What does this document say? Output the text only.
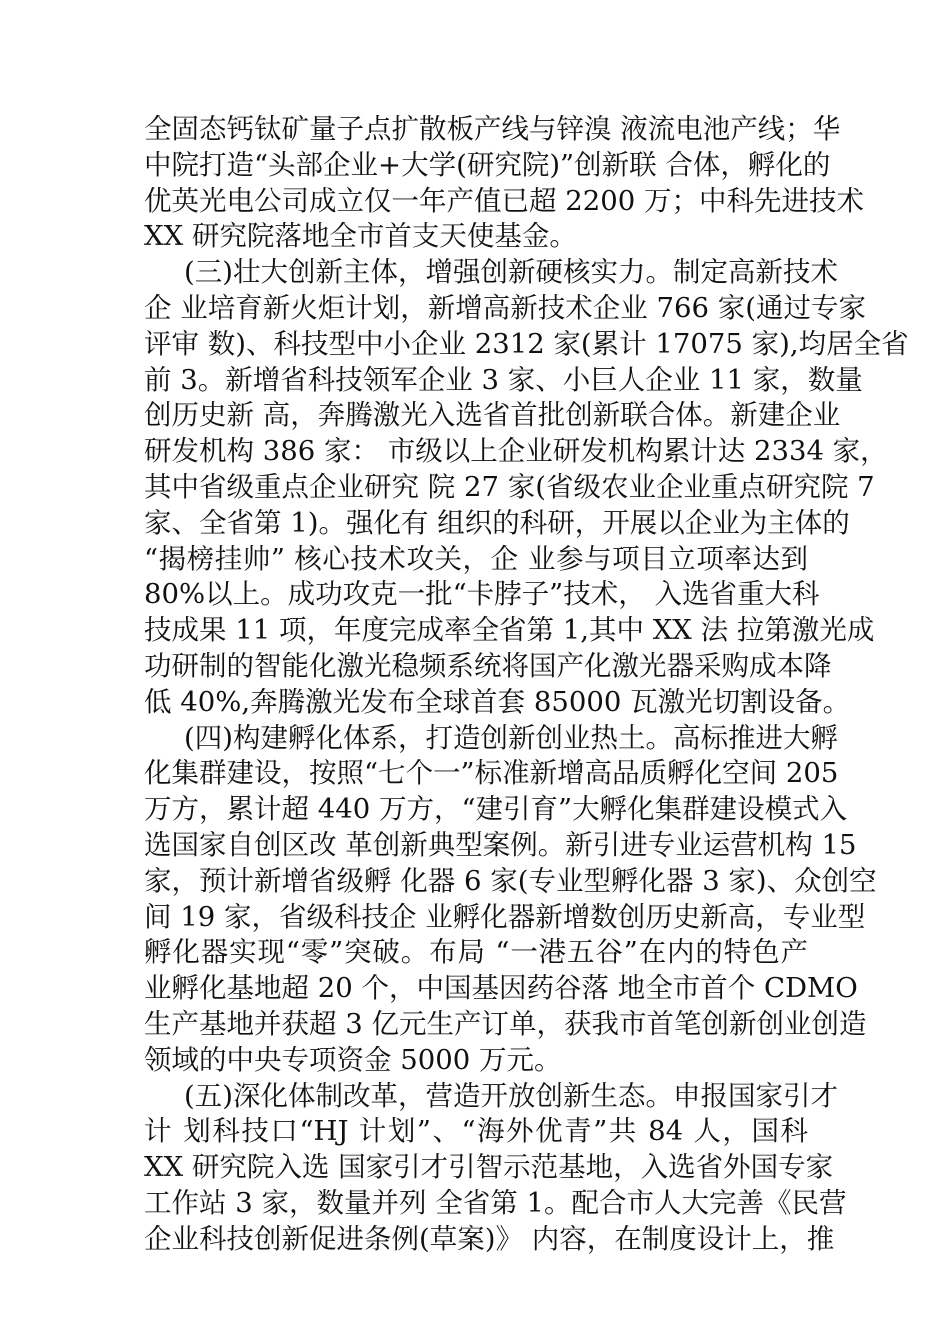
全固态钙钛矿量子点扩散板产线与锌溴 液流电池产线；华
中院打造“头部企业+大学(研究院)”创新联 合体，孵化的
优英光电公司成立仅一年产值已超 2200 万；中科先进技术
XX 研究院落地全市首支天使基金。
(三)壮大创新主体，增强创新硬核实力。制定高新技术
企 业培育新火炬计划，新增高新技术企业 766 家(通过专家
评审 数)、科技型中小企业 2312 家(累计 17075 家),均居全省
前 3。新增省科技领军企业 3 家、小巨人企业 11 家，数量
创历史新 高，奔腾激光入选省首批创新联合体。新建企业
研发机构 386 家： 市级以上企业研发机构累计达 2334 家，
其中省级重点企业研究 院 27 家(省级农业企业重点研究院 7
家、全省第 1)。强化有 组织的科研，开展以企业为主体的
“揭榜挂帅” 核心技术攻关，企 业参与项目立项率达到
80%以上。成功攻克一批“卡脖子”技术， 入选省重大科
技成果 11 项，年度完成率全省第 1,其中 XX 法 拉第激光成
功研制的智能化激光稳频系统将国产化激光器采购成本降
低 40%,奔腾激光发布全球首套 85000 瓦激光切割设备。
(四)构建孵化体系，打造创新创业热土。高标推进大孵
化集群建设，按照“七个一”标准新增高品质孵化空间 205
万方，累计超 440 万方，“建引育”大孵化集群建设模式入
选国家自创区改 革创新典型案例。新引进专业运营机构 15
家，预计新增省级孵 化器 6 家(专业型孵化器 3 家)、众创空
间 19 家，省级科技企 业孵化器新增数创历史新高，专业型
孵化器实现“零”突破。布局 “一港五谷”在内的特色产
业孵化基地超 20 个，中国基因药谷落 地全市首个 CDMO
生产基地并获超 3 亿元生产订单，获我市首笔创新创业创造
领域的中央专项资金 5000 万元。
(五)深化体制改革，营造开放创新生态。申报国家引才
计 划科技口“HJ 计划”、“海外优青”共 84 人，国科
XX 研究院入选 国家引才引智示范基地，入选省外国专家
工作站 3 家，数量并列 全省第 1。配合市人大完善《民营
企业科技创新促进条例(草案)》 内容，在制度设计上，推
